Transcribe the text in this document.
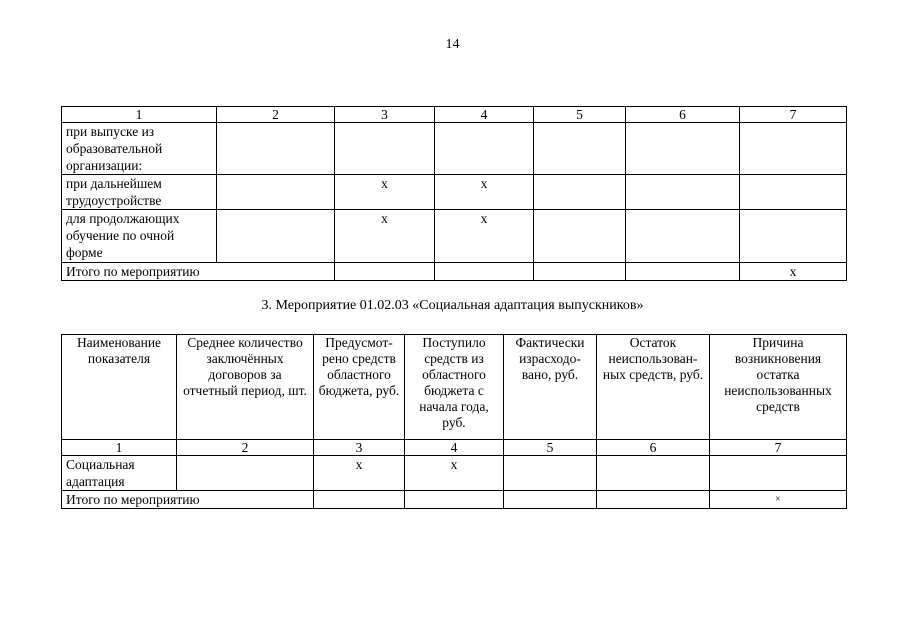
14
1	2	3	4	5	6	7
при выпуске из образовательной организации:						
при дальнейшем трудоустройстве		х	х			
для продолжающих обучение по очной форме		х	х			
Итого по мероприятию						х
3. Мероприятие 01.02.03 «Социальная адаптация выпускников»
Наименование показателя	Среднее количество заключённых договоров за отчетный период, шт.	Предусмот-рено средств областного бюджета, руб.	Поступило средств из областного бюджета с начала года, руб.	Фактически израсходо-вано, руб.	Остаток неиспользован-ных средств, руб.	Причина возникновения остатка неиспользованных средств
1	2	3	4	5	6	7
Социальная адаптация		х	х			
Итого по мероприятию						×
